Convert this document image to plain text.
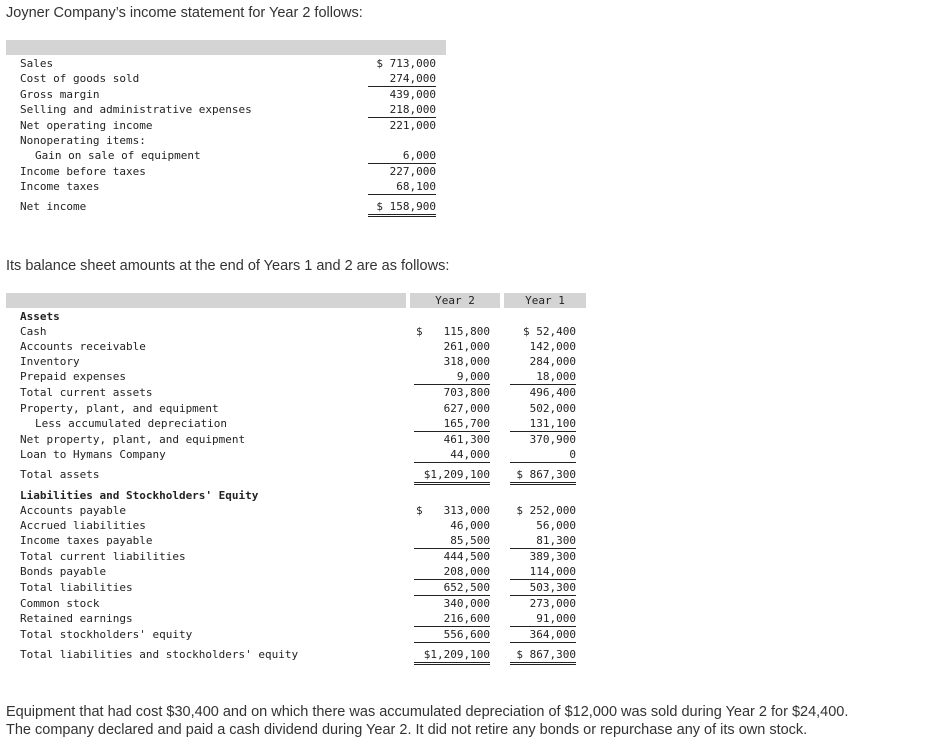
Joyner Company’s income statement for Year 2 follows:
Sales	$ 713,000
Cost of goods sold	274,000
Gross margin	439,000
Selling and administrative expenses	218,000
Net operating income	221,000
Nonoperating items:
Gain on sale of equipment	6,000
Income before taxes	227,000
Income taxes	68,100
Net income	$ 158,900
Its balance sheet amounts at the end of Years 1 and 2 are as follows:
Year 2	Year 1
Assets
Cash	$	115,800	$ 52,400
Accounts receivable	261,000	142,000
Inventory	318,000	284,000
Prepaid expenses	9,000	18,000
Total current assets	703,800	496,400
Property, plant, and equipment	627,000	502,000
Less accumulated depreciation	165,700	131,100
Net property, plant, and equipment	461,300	370,900
Loan to Hymans Company	44,000	0
Total assets	$1,209,100	$ 867,300
Liabilities and Stockholders' Equity
Accounts payable	$	313,000	$ 252,000
Accrued liabilities	46,000	56,000
Income taxes payable	85,500	81,300
Total current liabilities	444,500	389,300
Bonds payable	208,000	114,000
Total liabilities	652,500	503,300
Common stock	340,000	273,000
Retained earnings	216,600	91,000
Total stockholders' equity	556,600	364,000
Total liabilities and stockholders' equity	$1,209,100	$ 867,300
Equipment that had cost $30,400 and on which there was accumulated depreciation of $12,000 was sold during Year 2 for $24,400.
The company declared and paid a cash dividend during Year 2. It did not retire any bonds or repurchase any of its own stock.
